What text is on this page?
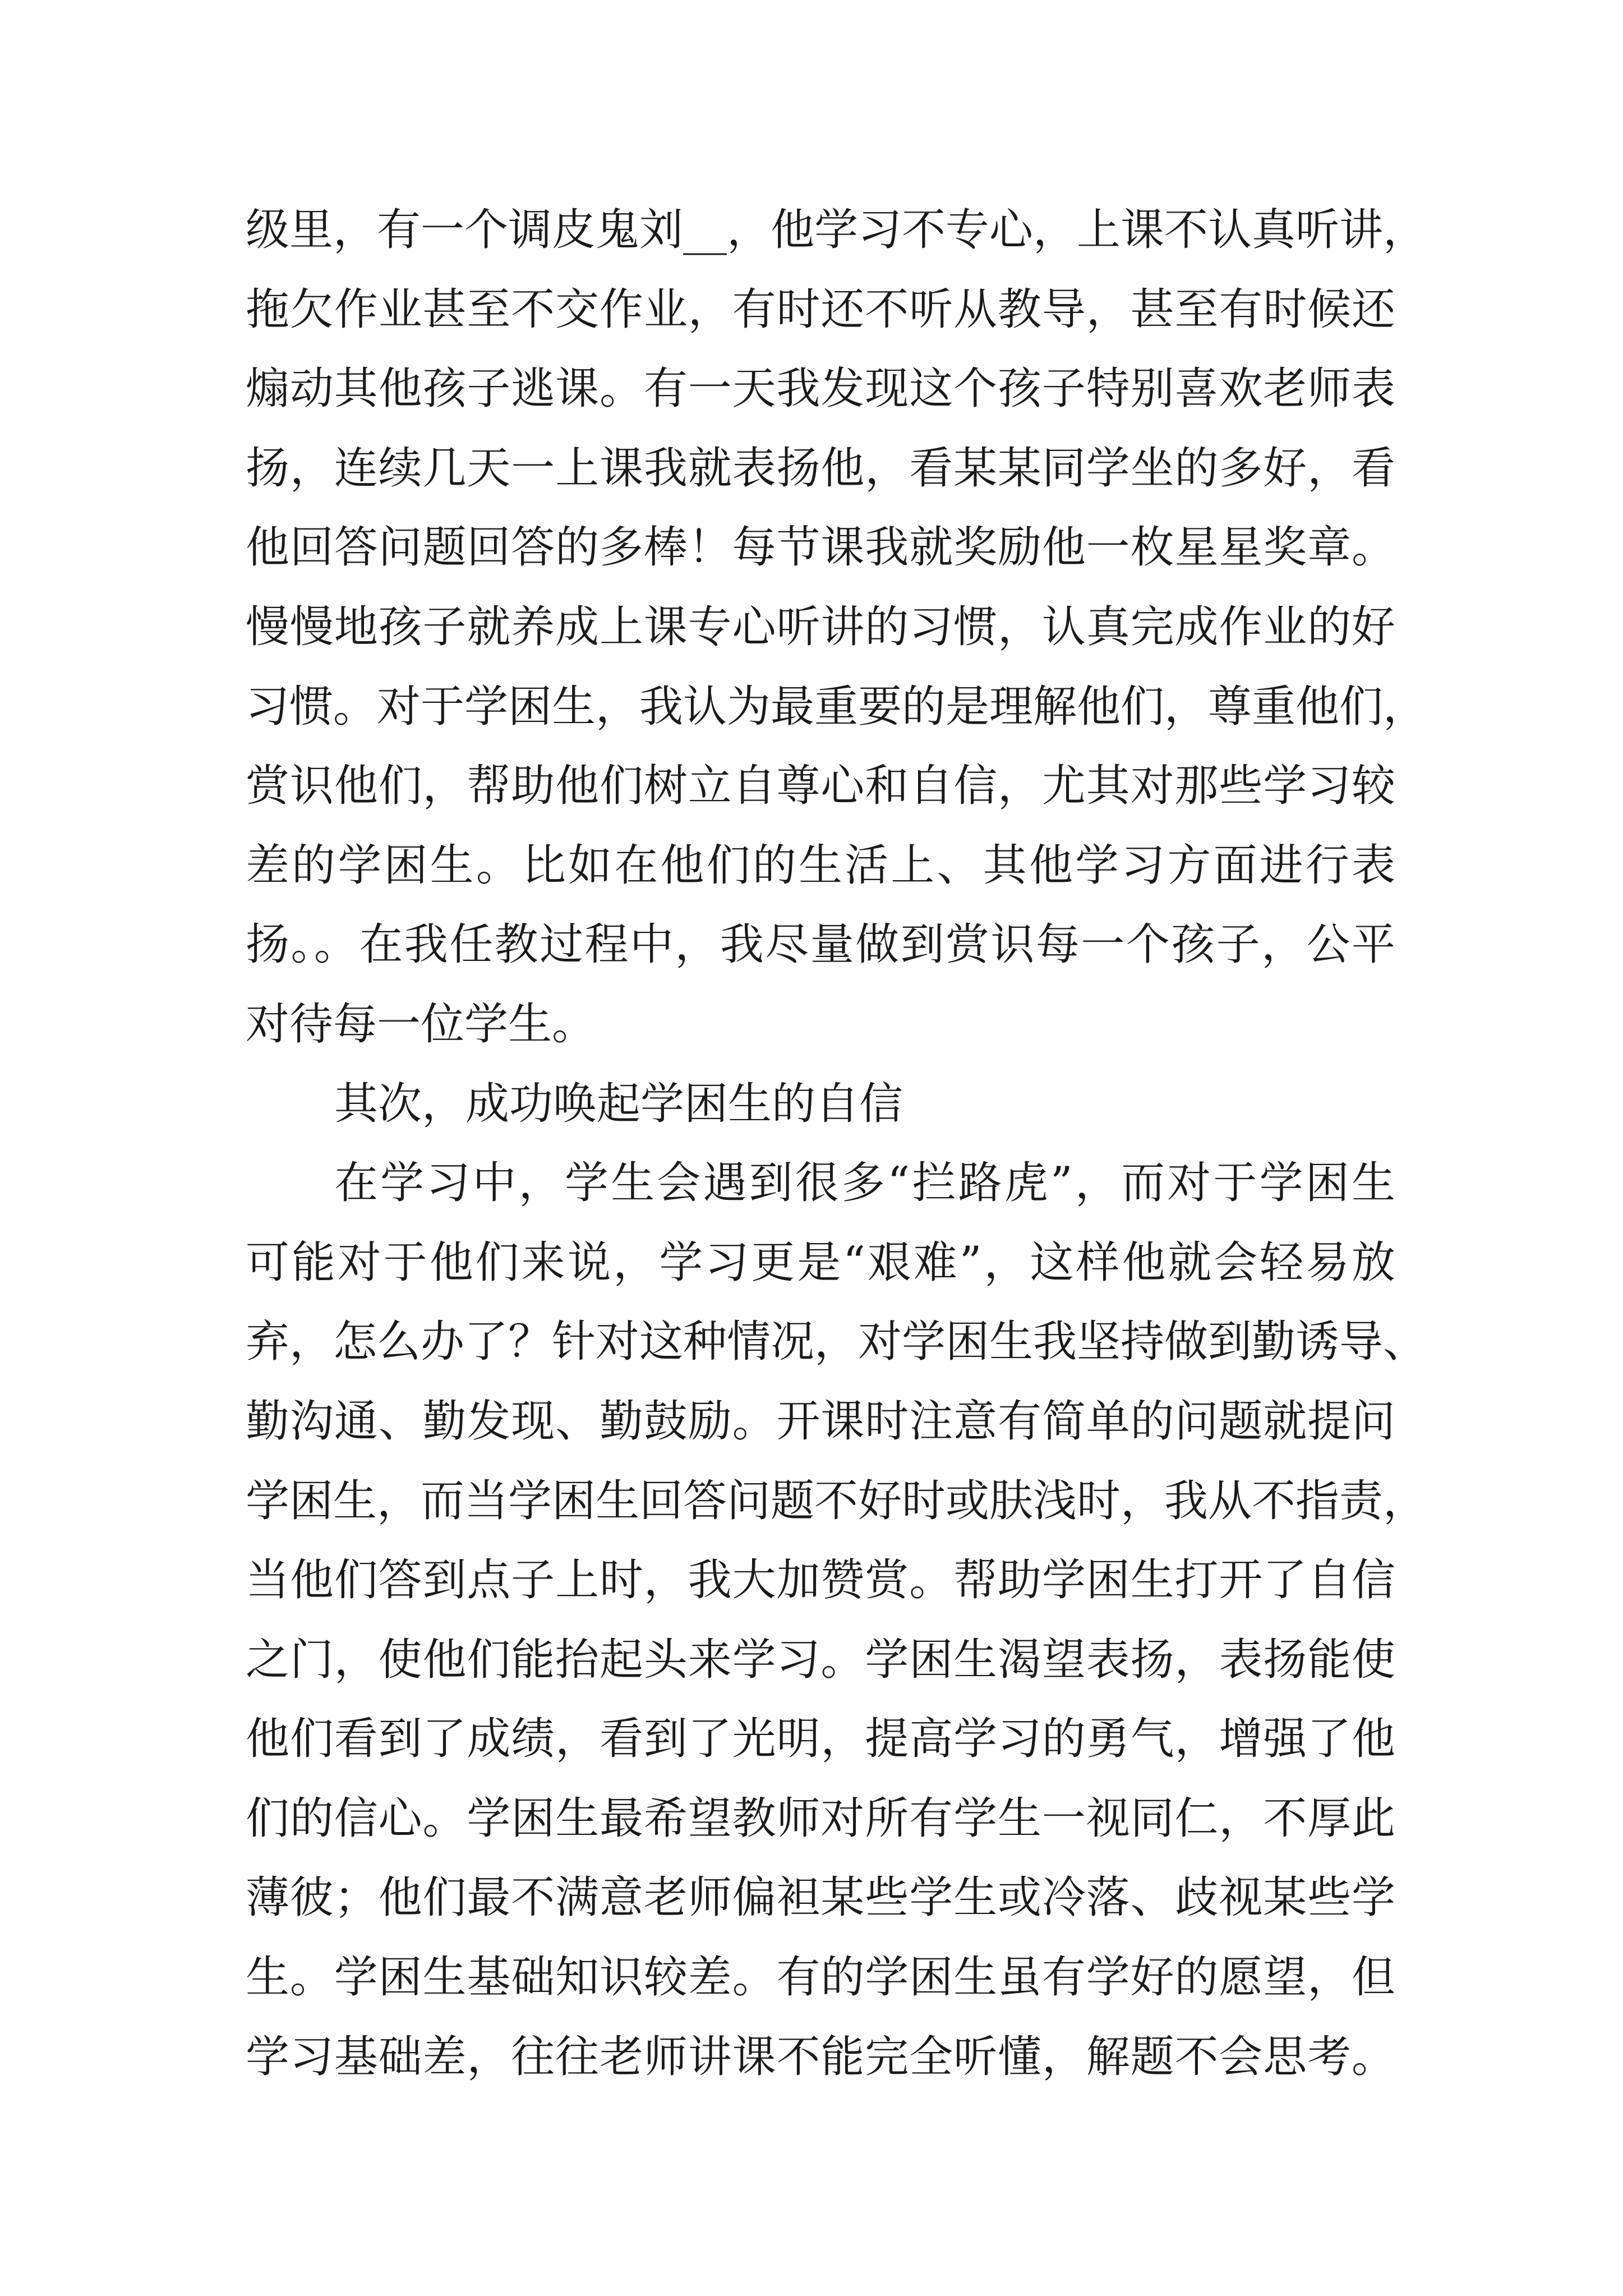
级里，有一个调皮鬼刘__，他学习不专心，上课不认真听讲，
拖欠作业甚至不交作业，有时还不听从教导，甚至有时候还
煽动其他孩子逃课。有一天我发现这个孩子特别喜欢老师表
扬，连续几天一上课我就表扬他，看某某同学坐的多好，看
他回答问题回答的多棒！每节课我就奖励他一枚星星奖章。
慢慢地孩子就养成上课专心听讲的习惯，认真完成作业的好
习惯。对于学困生，我认为最重要的是理解他们，尊重他们，
赏识他们，帮助他们树立自尊心和自信，尤其对那些学习较
差的学困生。比如在他们的生活上、其他学习方面进行表
扬。。在我任教过程中，我尽量做到赏识每一个孩子，公平
对待每一位学生。
其次，成功唤起学困生的自信
在学习中，学生会遇到很多“拦路虎”，而对于学困生
可能对于他们来说，学习更是“艰难”，这样他就会轻易放
弃，怎么办了？针对这种情况，对学困生我坚持做到勤诱导、
勤沟通、勤发现、勤鼓励。开课时注意有简单的问题就提问
学困生，而当学困生回答问题不好时或肤浅时，我从不指责，
当他们答到点子上时，我大加赞赏。帮助学困生打开了自信
之门，使他们能抬起头来学习。学困生渴望表扬，表扬能使
他们看到了成绩，看到了光明，提高学习的勇气，增强了他
们的信心。学困生最希望教师对所有学生一视同仁，不厚此
薄彼；他们最不满意老师偏袒某些学生或冷落、歧视某些学
生。学困生基础知识较差。有的学困生虽有学好的愿望，但
学习基础差，往往老师讲课不能完全听懂，解题不会思考。
